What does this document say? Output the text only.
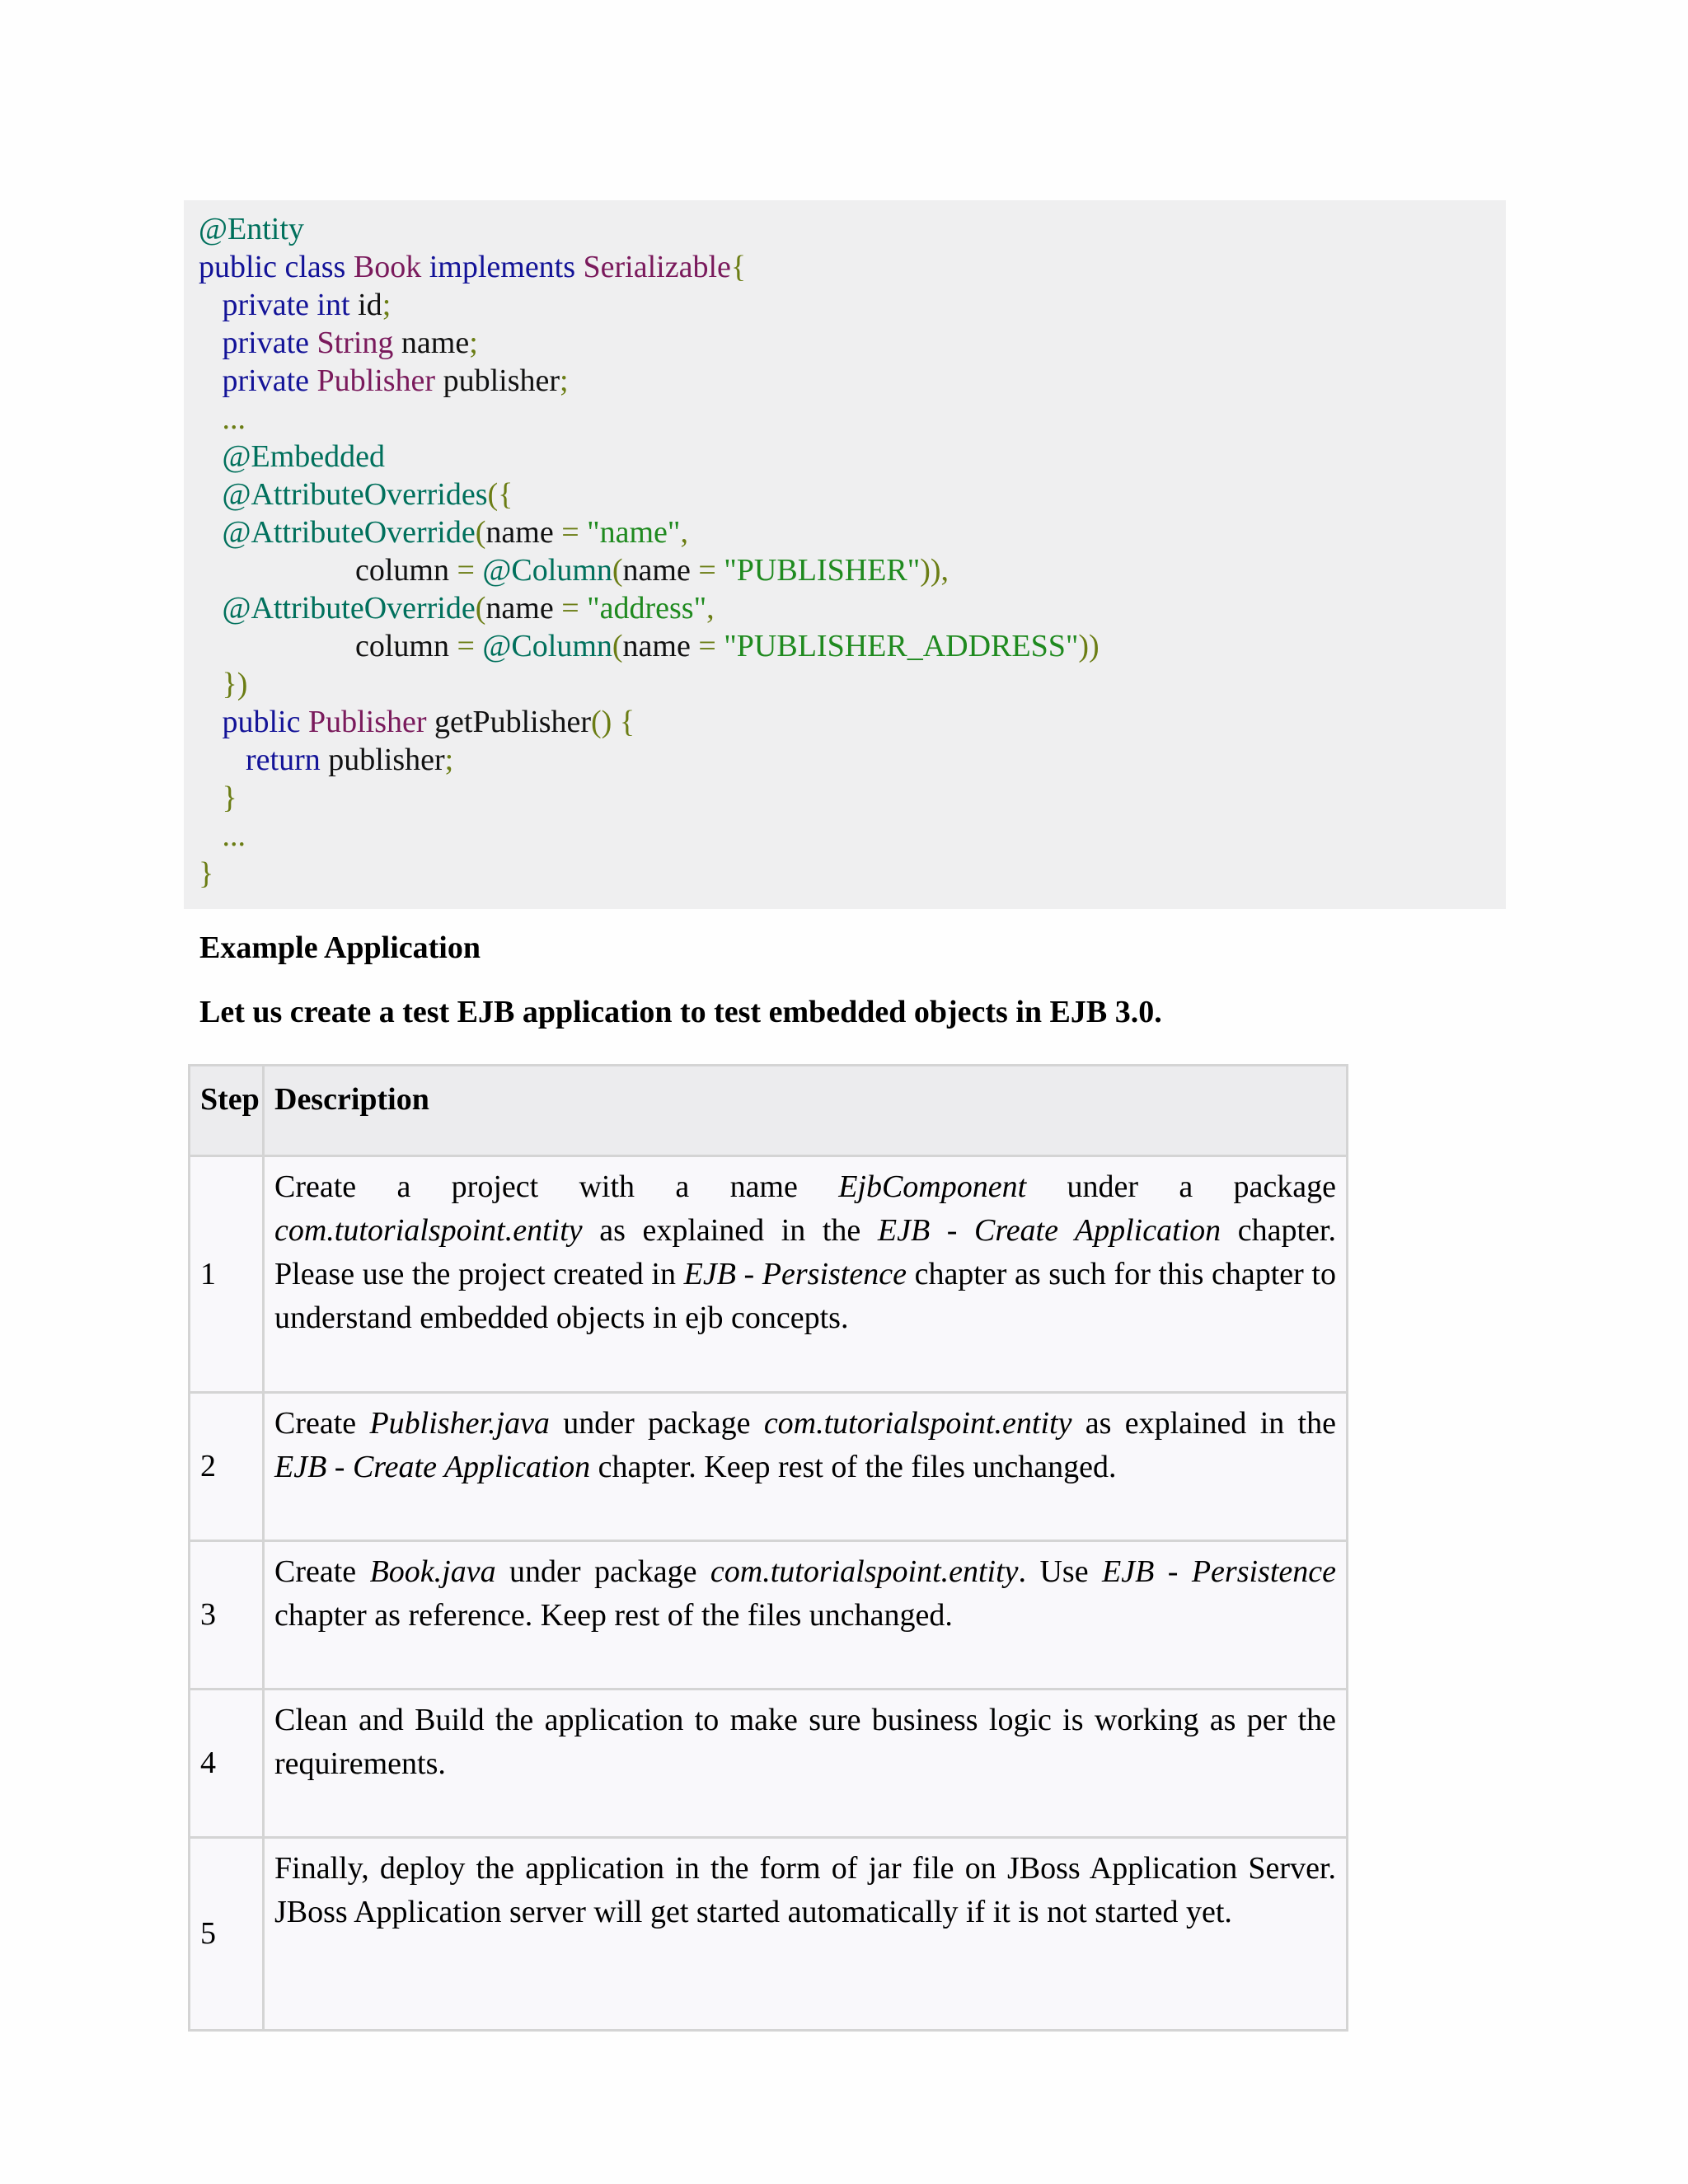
@Entity
public class Book implements Serializable{
private int id;
private String name;
private Publisher publisher;
...
@Embedded
@AttributeOverrides({
@AttributeOverride(name = "name",
column = @Column(name = "PUBLISHER")),
@AttributeOverride(name = "address",
column = @Column(name = "PUBLISHER_ADDRESS"))
})
public Publisher getPublisher() {
return publisher;
}
...
}
Example Application
Let us create a test EJB application to test embedded objects in EJB 3.0.
Step	Description
1	Create a project with a name EjbComponent under a package com.tutorialspoint.entity as explained in the EJB - Create Application chapter. Please use the project created in EJB - Persistence chapter as such for this chapter to understand embedded objects in ejb concepts.
2	Create Publisher.java under package com.tutorialspoint.entity as explained in the EJB - Create Application chapter. Keep rest of the files unchanged.
3	Create Book.java under package com.tutorialspoint.entity. Use EJB - Persistence chapter as reference. Keep rest of the files unchanged.
4	Clean and Build the application to make sure business logic is working as per the requirements.
5	Finally, deploy the application in the form of jar file on JBoss Application Server. JBoss Application server will get started automatically if it is not started yet.
